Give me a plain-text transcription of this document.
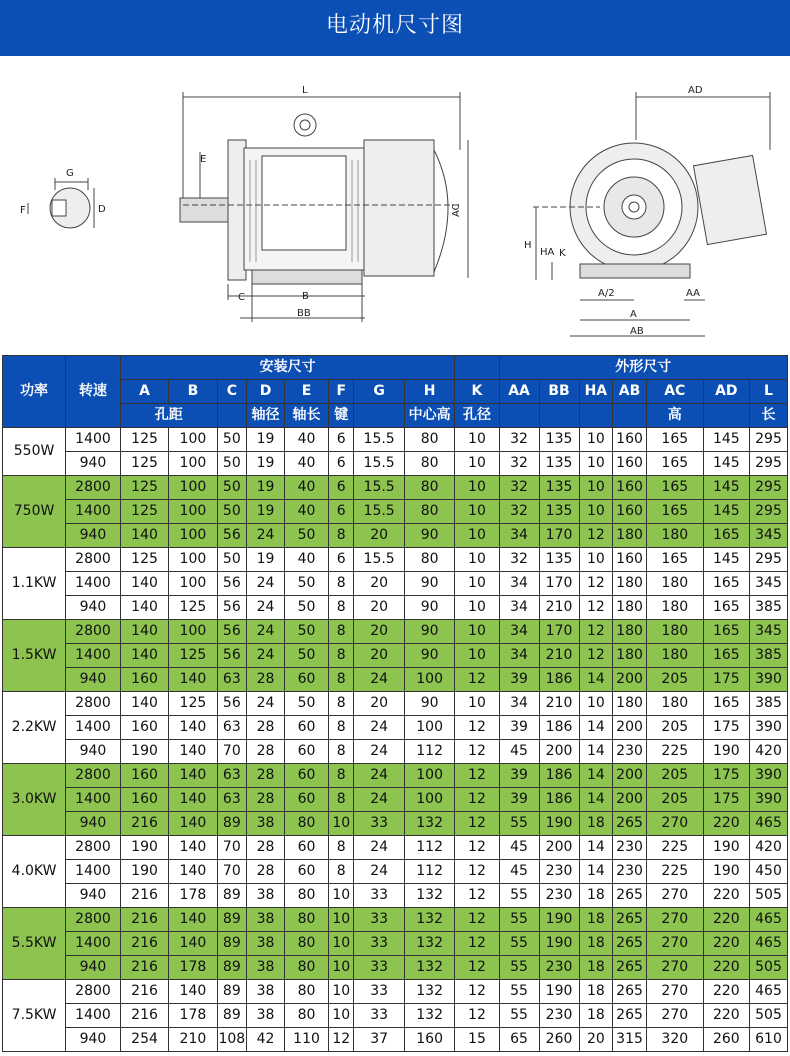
电动机尺寸图
G
F	D
L
E
AC
C	B
BB
AD
H
HA K
A/2	AA
A
AB
功率	转速	安装尺寸									外形尺寸						
		A	B	C	D	E	F	G	H	K	AA	BB	HA	AB	AC	AD	L
		孔距			轴径	轴长	键		中心高	孔径					高		长
550W	1400	125	100	50	19	40	6	15.5	80	10	32	135	10	160	165	145	295
	940	125	100	50	19	40	6	15.5	80	10	32	135	10	160	165	145	295
750W	2800	125	100	50	19	40	6	15.5	80	10	32	135	10	160	165	145	295
	1400	125	100	50	19	40	6	15.5	80	10	32	135	10	160	165	145	295
	940	140	100	56	24	50	8	20	90	10	34	170	12	180	180	165	345
1.1KW	2800	125	100	50	19	40	6	15.5	80	10	32	135	10	160	165	145	295
	1400	140	100	56	24	50	8	20	90	10	34	170	12	180	180	165	345
	940	140	125	56	24	50	8	20	90	10	34	210	12	180	180	165	385
1.5KW	2800	140	100	56	24	50	8	20	90	10	34	170	12	180	180	165	345
	1400	140	125	56	24	50	8	20	90	10	34	210	12	180	180	165	385
	940	160	140	63	28	60	8	24	100	12	39	186	14	200	205	175	390
2.2KW	2800	140	125	56	24	50	8	20	90	10	34	210	10	180	180	165	385
	1400	160	140	63	28	60	8	24	100	12	39	186	14	200	205	175	390
	940	190	140	70	28	60	8	24	112	12	45	200	14	230	225	190	420
3.0KW	2800	160	140	63	28	60	8	24	100	12	39	186	14	200	205	175	390
	1400	160	140	63	28	60	8	24	100	12	39	186	14	200	205	175	390
	940	216	140	89	38	80	10	33	132	12	55	190	18	265	270	220	465
4.0KW	2800	190	140	70	28	60	8	24	112	12	45	200	14	230	225	190	420
	1400	190	140	70	28	60	8	24	112	12	45	230	14	230	225	190	450
	940	216	178	89	38	80	10	33	132	12	55	230	18	265	270	220	505
5.5KW	2800	216	140	89	38	80	10	33	132	12	55	190	18	265	270	220	465
	1400	216	140	89	38	80	10	33	132	12	55	190	18	265	270	220	465
	940	216	178	89	38	80	10	33	132	12	55	230	18	265	270	220	505
7.5KW	2800	216	140	89	38	80	10	33	132	12	55	190	18	265	270	220	465
	1400	216	178	89	38	80	10	33	132	12	55	230	18	265	270	220	505
	940	254	210	108	42	110	12	37	160	15	65	260	20	315	320	260	610
